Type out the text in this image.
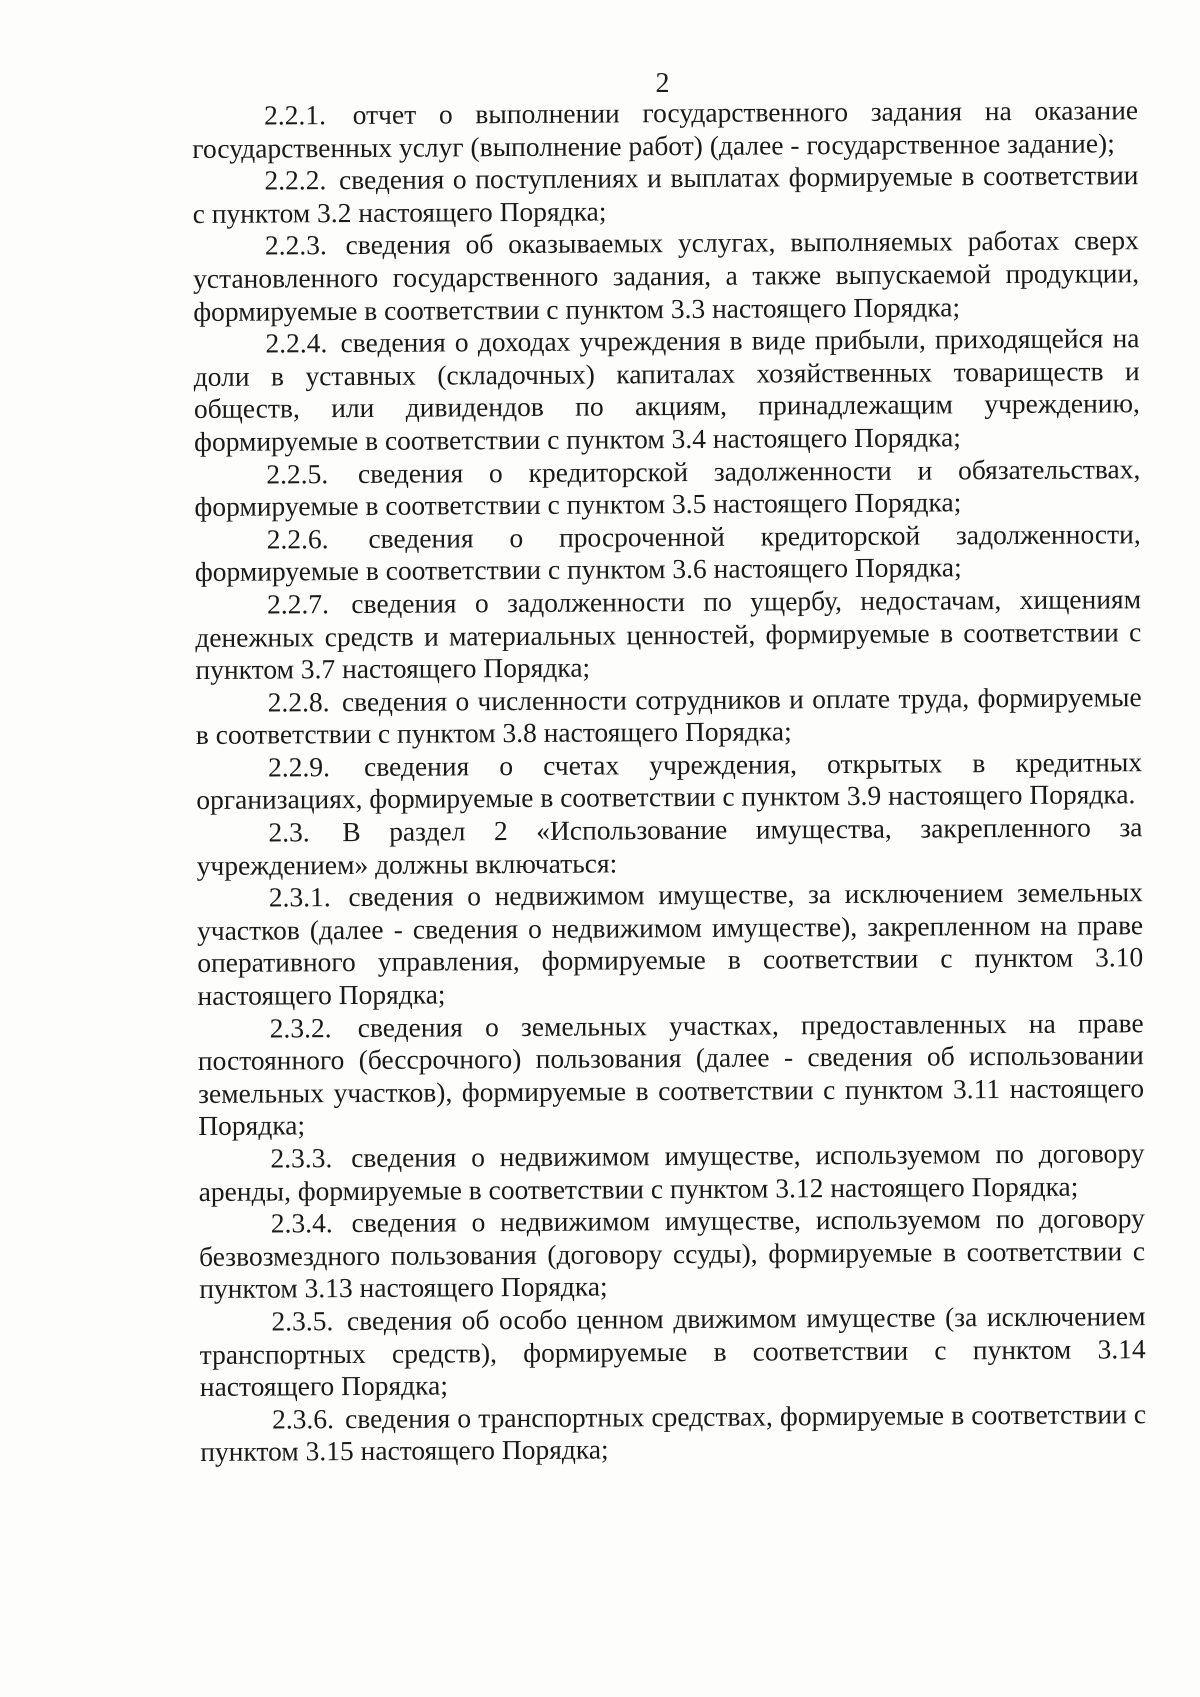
2

2.2.1. отчет о выполнении государственного задания на оказание государственных услуг (выполнение работ) (далее - государственное задание);

2.2.2. сведения о поступлениях и выплатах формируемые в соответствии с пунктом 3.2 настоящего Порядка;

2.2.3. сведения об оказываемых услугах, выполняемых работах сверх установленного государственного задания, а также выпускаемой продукции, формируемые в соответствии с пунктом 3.3 настоящего Порядка;

2.2.4. сведения о доходах учреждения в виде прибыли, приходящейся на доли в уставных (складочных) капиталах хозяйственных товариществ и обществ, или дивидендов по акциям, принадлежащим учреждению, формируемые в соответствии с пунктом 3.4 настоящего Порядка;

2.2.5. сведения о кредиторской задолженности и обязательствах, формируемые в соответствии с пунктом 3.5 настоящего Порядка;

2.2.6. сведения о просроченной кредиторской задолженности, формируемые в соответствии с пунктом 3.6 настоящего Порядка;

2.2.7. сведения о задолженности по ущербу, недостачам, хищениям денежных средств и материальных ценностей, формируемые в соответствии с пунктом 3.7 настоящего Порядка;

2.2.8. сведения о численности сотрудников и оплате труда, формируемые в соответствии с пунктом 3.8 настоящего Порядка;

2.2.9. сведения о счетах учреждения, открытых в кредитных организациях, формируемые в соответствии с пунктом 3.9 настоящего Порядка.

2.3. В раздел 2 «Использование имущества, закрепленного за учреждением» должны включаться:

2.3.1. сведения о недвижимом имуществе, за исключением земельных участков (далее - сведения о недвижимом имуществе), закрепленном на праве оперативного управления, формируемые в соответствии с пунктом 3.10 настоящего Порядка;

2.3.2. сведения о земельных участках, предоставленных на праве постоянного (бессрочного) пользования (далее - сведения об использовании земельных участков), формируемые в соответствии с пунктом 3.11 настоящего Порядка;

2.3.3. сведения о недвижимом имуществе, используемом по договору аренды, формируемые в соответствии с пунктом 3.12 настоящего Порядка;

2.3.4. сведения о недвижимом имуществе, используемом по договору безвозмездного пользования (договору ссуды), формируемые в соответствии с пунктом 3.13 настоящего Порядка;

2.3.5. сведения об особо ценном движимом имуществе (за исключением транспортных средств), формируемые в соответствии с пунктом 3.14 настоящего Порядка;

2.3.6. сведения о транспортных средствах, формируемые в соответствии с пунктом 3.15 настоящего Порядка;
